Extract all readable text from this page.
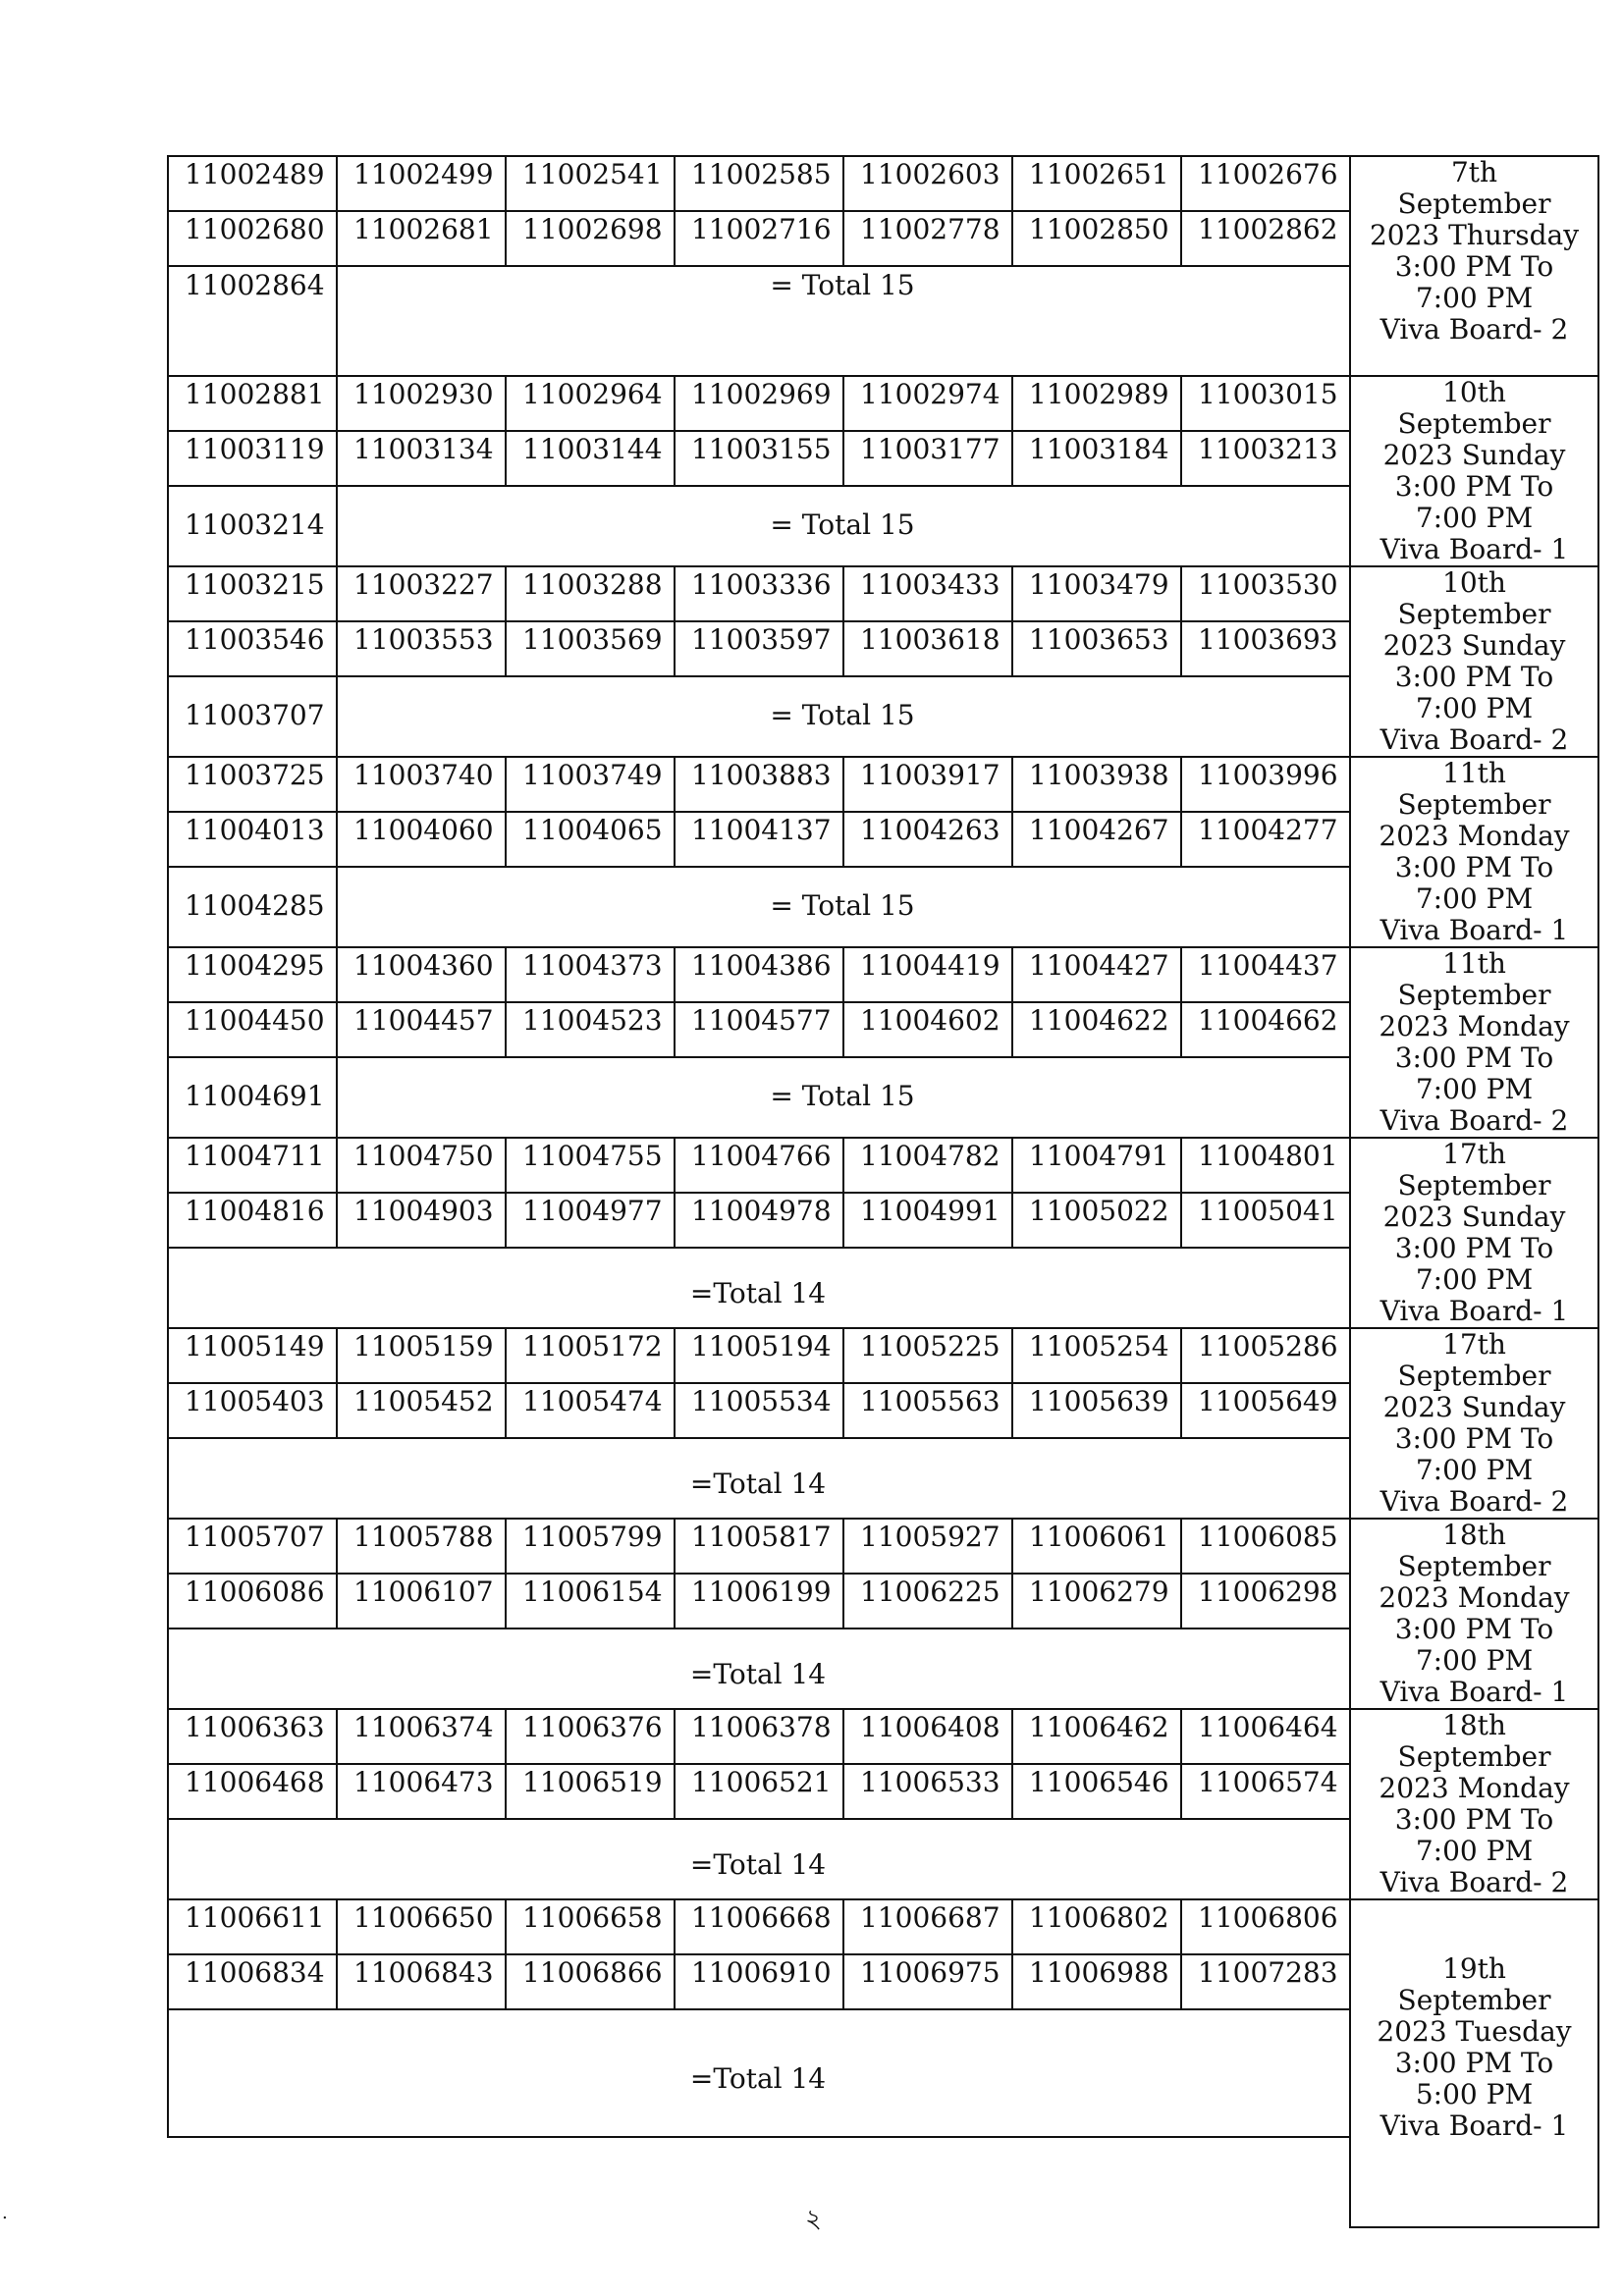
11002489	11002499	11002541	11002585	11002603	11002651	11002676
11002680	11002681	11002698	11002716	11002778	11002850	11002862
11002864	= Total 15
7th
September
2023 Thursday
3:00 PM To
7:00 PM
Viva Board- 2
11002881	11002930	11002964	11002969	11002974	11002989	11003015
11003119	11003134	11003144	11003155	11003177	11003184	11003213
11003214	= Total 15
10th
September
2023 Sunday
3:00 PM To
7:00 PM
Viva Board- 1
11003215	11003227	11003288	11003336	11003433	11003479	11003530
11003546	11003553	11003569	11003597	11003618	11003653	11003693
11003707	= Total 15
10th
September
2023 Sunday
3:00 PM To
7:00 PM
Viva Board- 2
11003725	11003740	11003749	11003883	11003917	11003938	11003996
11004013	11004060	11004065	11004137	11004263	11004267	11004277
11004285	= Total 15
11th
September
2023 Monday
3:00 PM To
7:00 PM
Viva Board- 1
11004295	11004360	11004373	11004386	11004419	11004427	11004437
11004450	11004457	11004523	11004577	11004602	11004622	11004662
11004691	= Total 15
11th
September
2023 Monday
3:00 PM To
7:00 PM
Viva Board- 2
11004711	11004750	11004755	11004766	11004782	11004791	11004801
11004816	11004903	11004977	11004978	11004991	11005022	11005041
=Total 14
17th
September
2023 Sunday
3:00 PM To
7:00 PM
Viva Board- 1
11005149	11005159	11005172	11005194	11005225	11005254	11005286
11005403	11005452	11005474	11005534	11005563	11005639	11005649
=Total 14
17th
September
2023 Sunday
3:00 PM To
7:00 PM
Viva Board- 2
11005707	11005788	11005799	11005817	11005927	11006061	11006085
11006086	11006107	11006154	11006199	11006225	11006279	11006298
=Total 14
18th
September
2023 Monday
3:00 PM To
7:00 PM
Viva Board- 1
11006363	11006374	11006376	11006378	11006408	11006462	11006464
11006468	11006473	11006519	11006521	11006533	11006546	11006574
=Total 14
18th
September
2023 Monday
3:00 PM To
7:00 PM
Viva Board- 2
11006611	11006650	11006658	11006668	11006687	11006802	11006806
11006834	11006843	11006866	11006910	11006975	11006988	11007283
=Total 14
19th
September
2023 Tuesday
3:00 PM To
5:00 PM
Viva Board- 1
২
.
